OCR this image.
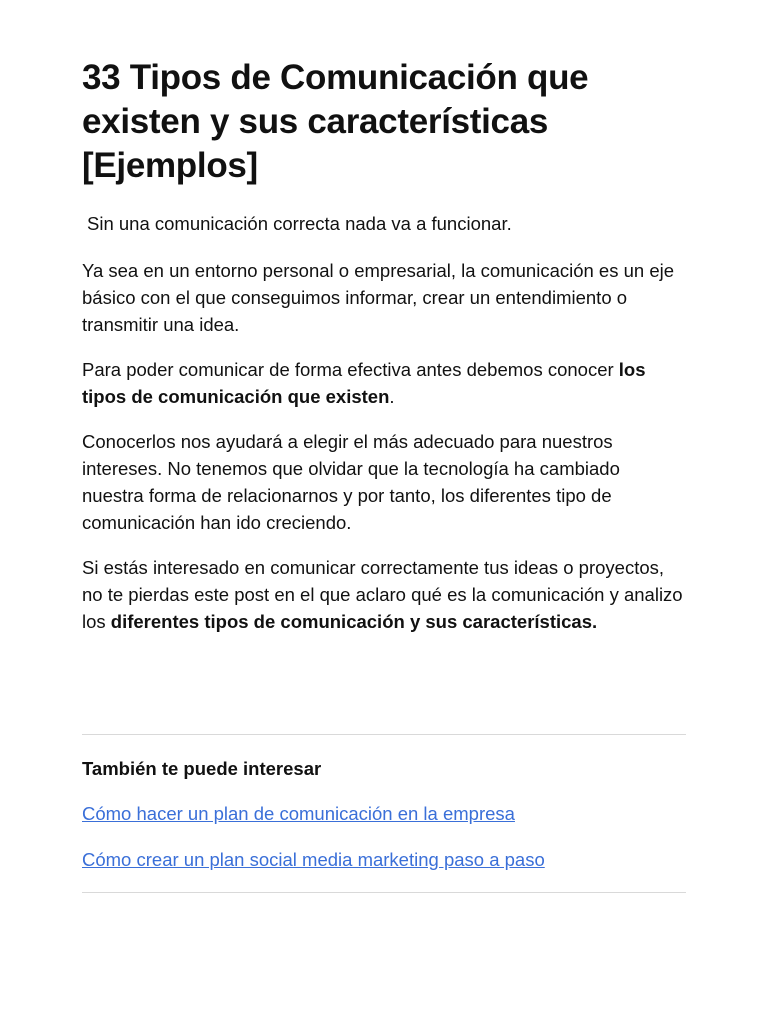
33 Tipos de Comunicación que existen y sus características [Ejemplos]

Sin una comunicación correcta nada va a funcionar.

Ya sea en un entorno personal o empresarial, la comunicación es un eje básico con el que conseguimos informar, crear un entendimiento o transmitir una idea.

Para poder comunicar de forma efectiva antes debemos conocer los tipos de comunicación que existen.

Conocerlos nos ayudará a elegir el más adecuado para nuestros intereses. No tenemos que olvidar que la tecnología ha cambiado nuestra forma de relacionarnos y por tanto, los diferentes tipo de comunicación han ido creciendo.

Si estás interesado en comunicar correctamente tus ideas o proyectos, no te pierdas este post en el que aclaro qué es la comunicación y analizo los diferentes tipos de comunicación y sus características.

También te puede interesar

Cómo hacer un plan de comunicación en la empresa
Cómo crear un plan social media marketing paso a paso
